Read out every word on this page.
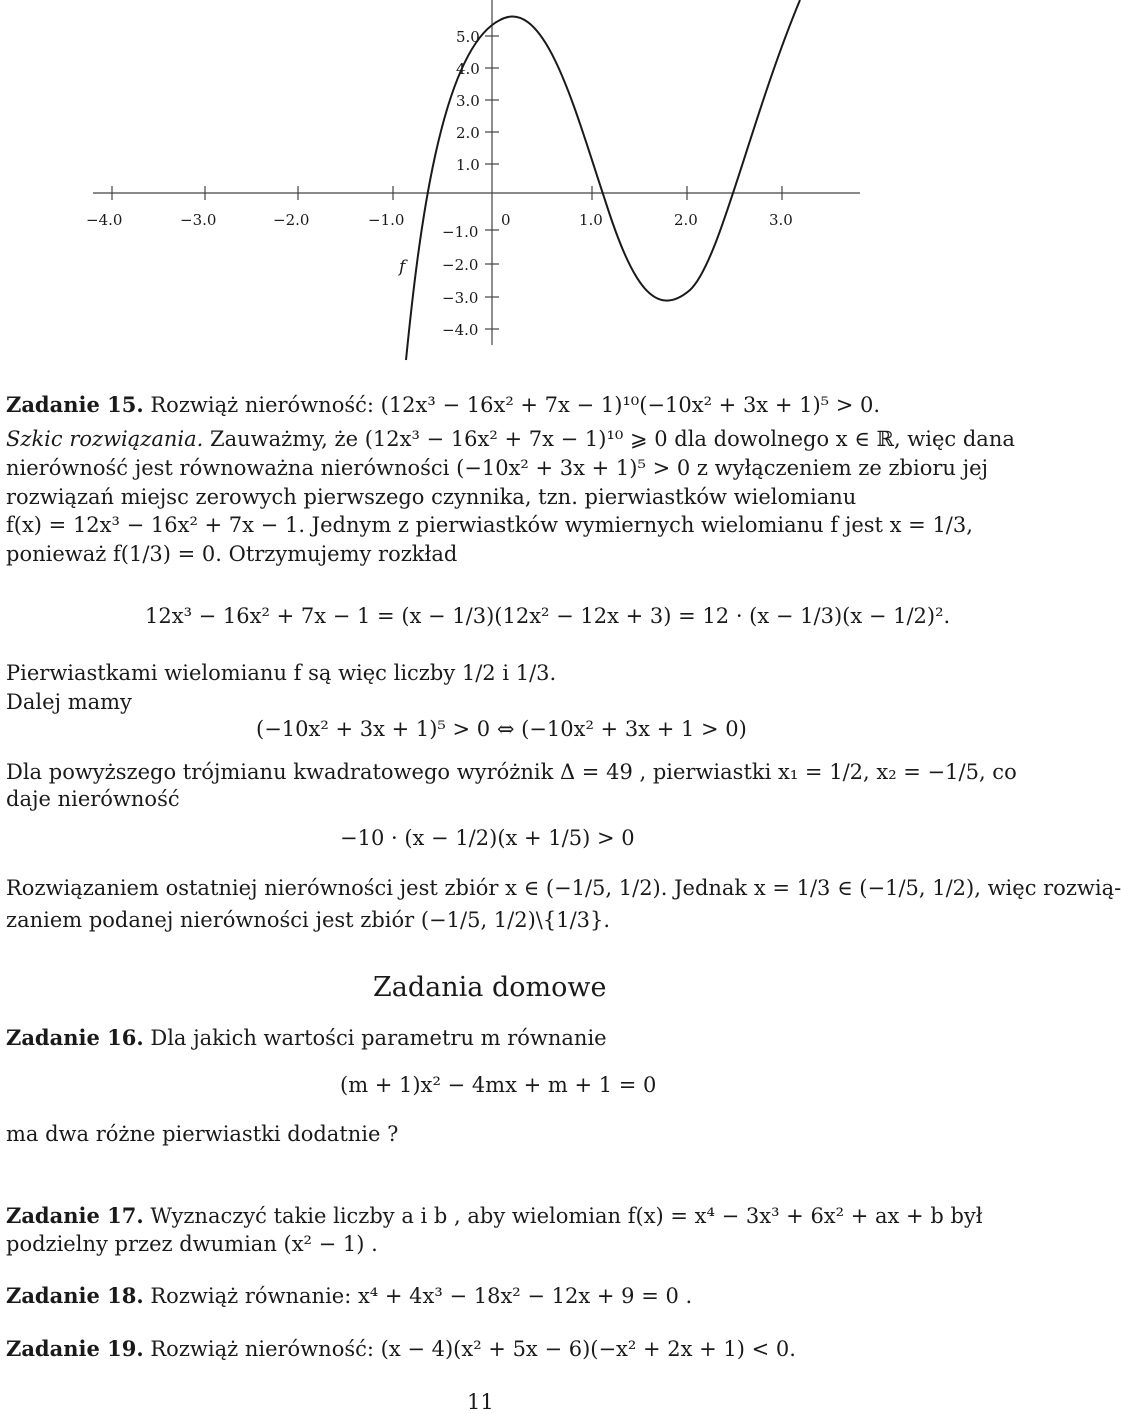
−4.0	−3.0	−2.0	−1.0	0	1.0	2.0	3.0
5.0
4.0
3.0
2.0
1.0
−1.0
−2.0
−3.0
−4.0
f
Zadanie 15. Rozwiąż nierówność: (12x³ − 16x² + 7x − 1)¹⁰(−10x² + 3x + 1)⁵ > 0.
Szkic rozwiązania. Zauważmy, że (12x³ − 16x² + 7x − 1)¹⁰ ⩾ 0 dla dowolnego x ∈ ℝ, więc dana
nierówność jest równoważna nierówności (−10x² + 3x + 1)⁵ > 0 z wyłączeniem ze zbioru jej
rozwiązań miejsc zerowych pierwszego czynnika, tzn. pierwiastków wielomianu
f(x) = 12x³ − 16x² + 7x − 1. Jednym z pierwiastków wymiernych wielomianu f jest x = 1/3,
ponieważ f(1/3) = 0. Otrzymujemy rozkład
12x³ − 16x² + 7x − 1 = (x − 1/3)(12x² − 12x + 3) = 12 · (x − 1/3)(x − 1/2)².
Pierwiastkami wielomianu f są więc liczby 1/2 i 1/3.
Dalej mamy
(−10x² + 3x + 1)⁵ > 0 ⇔ (−10x² + 3x + 1 > 0)
Dla powyższego trójmianu kwadratowego wyróżnik Δ = 49 , pierwiastki x₁ = 1/2, x₂ = −1/5, co
daje nierówność
−10 · (x − 1/2)(x + 1/5) > 0
Rozwiązaniem ostatniej nierówności jest zbiór x ∈ (−1/5, 1/2). Jednak x = 1/3 ∈ (−1/5, 1/2), więc rozwią-
zaniem podanej nierówności jest zbiór (−1/5, 1/2)\{1/3}.
Zadania domowe
Zadanie 16. Dla jakich wartości parametru m równanie
(m + 1)x² − 4mx + m + 1 = 0
ma dwa różne pierwiastki dodatnie ?
Zadanie 17. Wyznaczyć takie liczby a i b , aby wielomian f(x) = x⁴ − 3x³ + 6x² + ax + b był
podzielny przez dwumian (x² − 1) .
Zadanie 18. Rozwiąż równanie: x⁴ + 4x³ − 18x² − 12x + 9 = 0 .
Zadanie 19. Rozwiąż nierówność: (x − 4)(x² + 5x − 6)(−x² + 2x + 1) < 0.
11
